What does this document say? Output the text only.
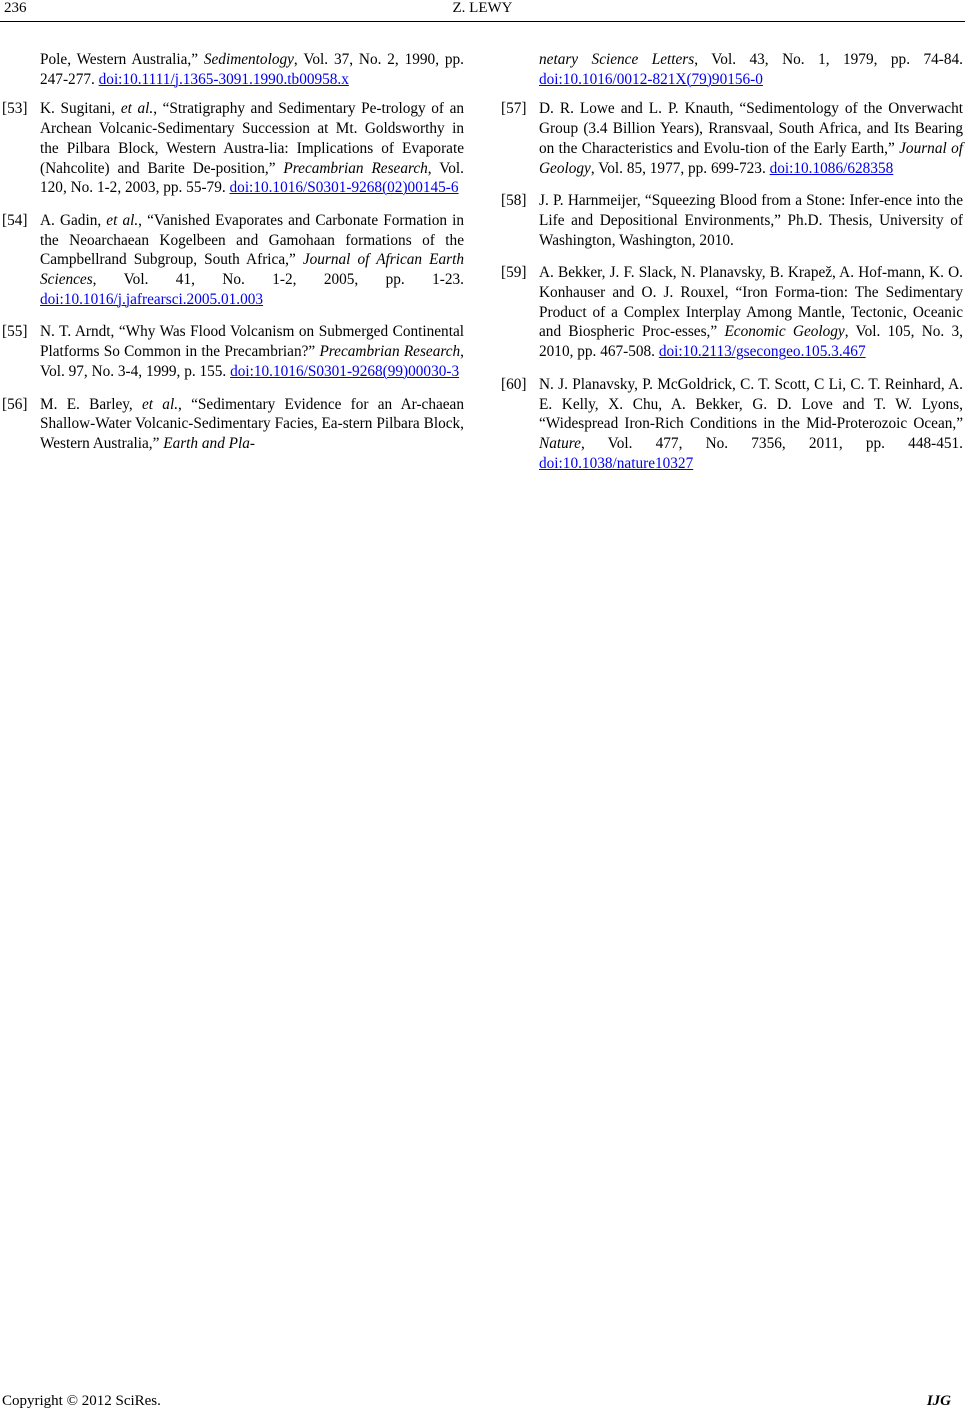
236	Z. LEWY
Pole, Western Australia,” Sedimentology, Vol. 37, No. 2, 1990, pp. 247-277. doi:10.1111/j.1365-3091.1990.tb00958.x
[53] K. Sugitani, et al., “Stratigraphy and Sedimentary Pe-trology of an Archean Volcanic-Sedimentary Succession at Mt. Goldsworthy in the Pilbara Block, Western Austra-lia: Implications of Evaporate (Nahcolite) and Barite De-position,” Precambrian Research, Vol. 120, No. 1-2, 2003, pp. 55-79. doi:10.1016/S0301-9268(02)00145-6
[54] A. Gadin, et al., “Vanished Evaporates and Carbonate Formation in the Neoarchaean Kogelbeen and Gamohaan formations of the Campbellrand Subgroup, South Africa,” Journal of African Earth Sciences, Vol. 41, No. 1-2, 2005, pp. 1-23. doi:10.1016/j.jafrearsci.2005.01.003
[55] N. T. Arndt, “Why Was Flood Volcanism on Submerged Continental Platforms So Common in the Precambrian?” Precambrian Research, Vol. 97, No. 3-4, 1999, p. 155. doi:10.1016/S0301-9268(99)00030-3
[56] M. E. Barley, et al., “Sedimentary Evidence for an Ar-chaean Shallow-Water Volcanic-Sedimentary Facies, Ea-stern Pilbara Block, Western Australia,” Earth and Pla-
netary Science Letters, Vol. 43, No. 1, 1979, pp. 74-84. doi:10.1016/0012-821X(79)90156-0
[57] D. R. Lowe and L. P. Knauth, “Sedimentology of the Onverwacht Group (3.4 Billion Years), Rransvaal, South Africa, and Its Bearing on the Characteristics and Evolu-tion of the Early Earth,” Journal of Geology, Vol. 85, 1977, pp. 699-723. doi:10.1086/628358
[58] J. P. Harnmeijer, “Squeezing Blood from a Stone: Infer-ence into the Life and Depositional Environments,” Ph.D. Thesis, University of Washington, Washington, 2010.
[59] A. Bekker, J. F. Slack, N. Planavsky, B. Krapež, A. Hof-mann, K. O. Konhauser and O. J. Rouxel, “Iron Forma-tion: The Sedimentary Product of a Complex Interplay Among Mantle, Tectonic, Oceanic and Biospheric Proc-esses,” Economic Geology, Vol. 105, No. 3, 2010, pp. 467-508. doi:10.2113/gsecongeo.105.3.467
[60] N. J. Planavsky, P. McGoldrick, C. T. Scott, C Li, C. T. Reinhard, A. E. Kelly, X. Chu, A. Bekker, G. D. Love and T. W. Lyons, “Widespread Iron-Rich Conditions in the Mid-Proterozoic Ocean,” Nature, Vol. 477, No. 7356, 2011, pp. 448-451. doi:10.1038/nature10327
Copyright © 2012 SciRes.	IJG
